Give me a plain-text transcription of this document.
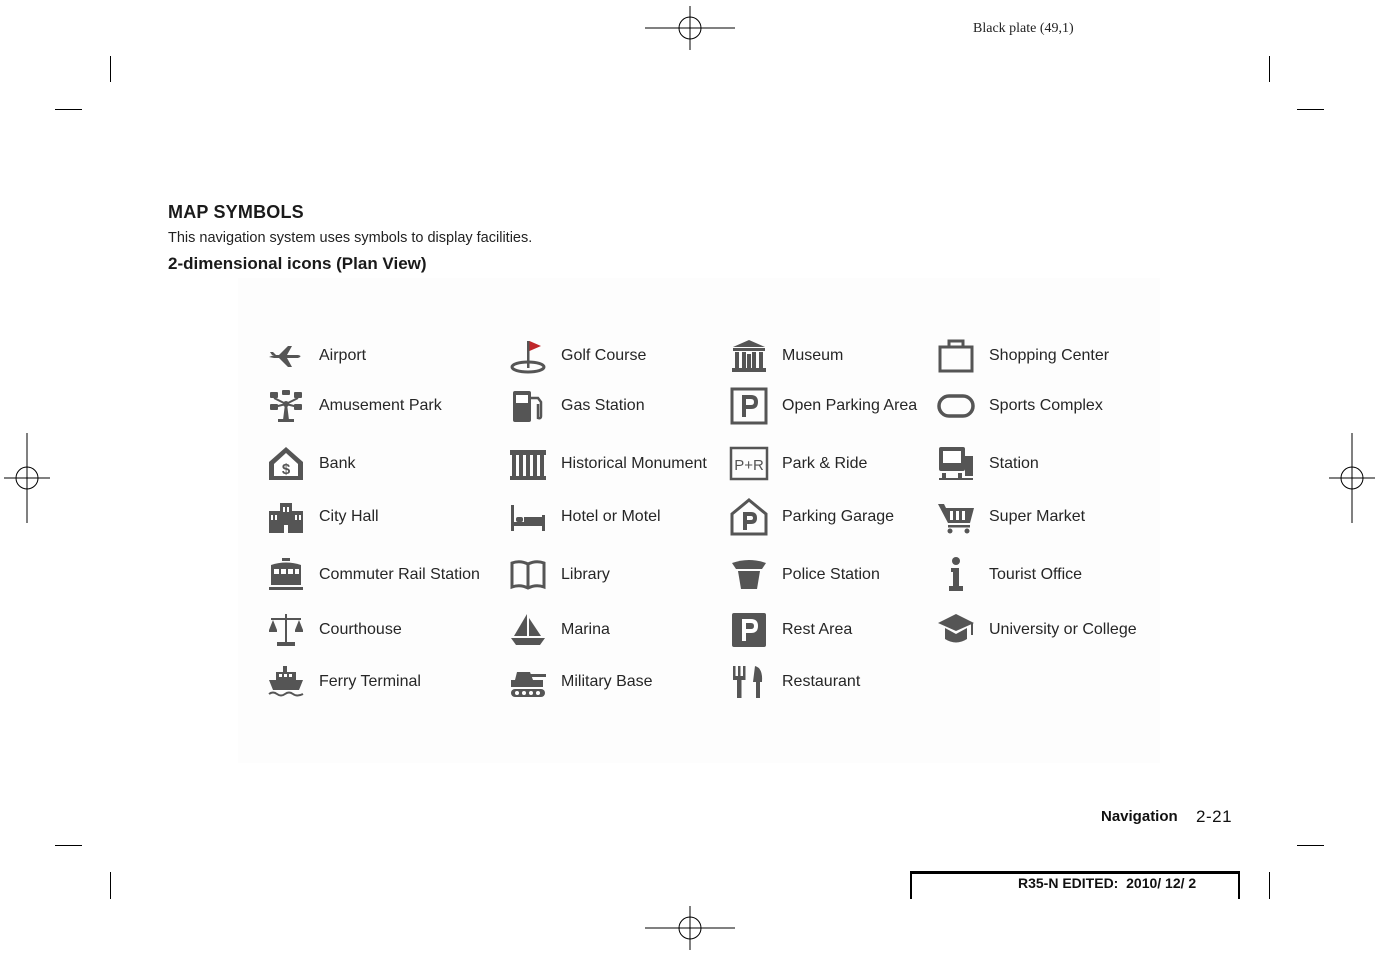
Black plate (49,1)
MAP SYMBOLS
This navigation system uses symbols to display facilities.
2-dimensional icons (Plan View)
Airport
Amusement Park
$ Bank
City Hall
Commuter Rail Station
Courthouse
Ferry Terminal
Golf Course
Gas Station
Historical Monument
Hotel or Motel
Library
Marina
Military Base
Museum
Open Parking Area
P+R Park & Ride
Parking Garage
Police Station
Rest Area
Restaurant
Shopping Center
Sports Complex
Station
Super Market
Tourist Office
University or College
Navigation 2-21
R35-N EDITED:  2010/ 12/ 2
